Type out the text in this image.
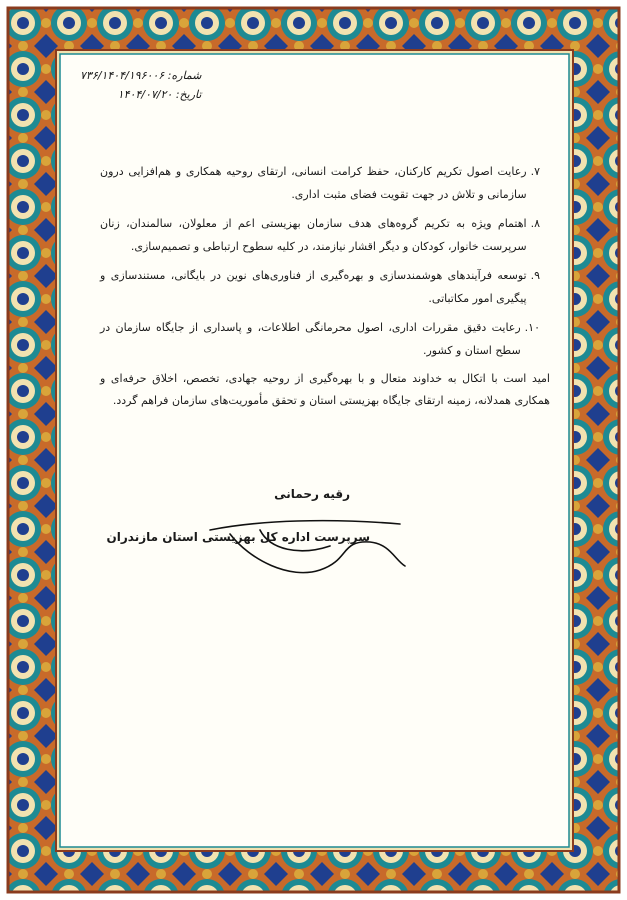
شماره: ۷۳۶/۱۴۰۴/۱۹۶۰۰۶
تاریخ: ۱۴۰۴/۰۷/۲۰
۷.
رعایت اصول تکریم کارکنان، حفظ کرامت انسانی، ارتقای روحیه همکاری و هم‌افزایی درون سازمانی و تلاش در جهت تقویت فضای مثبت اداری.
۸.
اهتمام ویژه به تکریم گروه‌های هدف سازمان بهزیستی اعم از معلولان، سالمندان، زنان سرپرست خانوار، کودکان و دیگر اقشار نیازمند، در کلیه سطوح ارتباطی و تصمیم‌سازی.
۹.
توسعه فرآیندهای هوشمندسازی و بهره‌گیری از فناوری‌های نوین در بایگانی، مستندسازی و پیگیری امور مکاتباتی.
۱۰.
رعایت دقیق مقررات اداری، اصول محرمانگی اطلاعات، و پاسداری از جایگاه سازمان در سطح استان و کشور.
امید است با اتکال به خداوند متعال و با بهره‌گیری از روحیه جهادی، تخصص، اخلاق حرفه‌ای و همکاری همدلانه، زمینه ارتقای جایگاه بهزیستی استان و تحقق مأموریت‌های سازمان فراهم گردد.
رقیه رحمانی
سرپرست اداره کل بهزیستی استان مازندران
